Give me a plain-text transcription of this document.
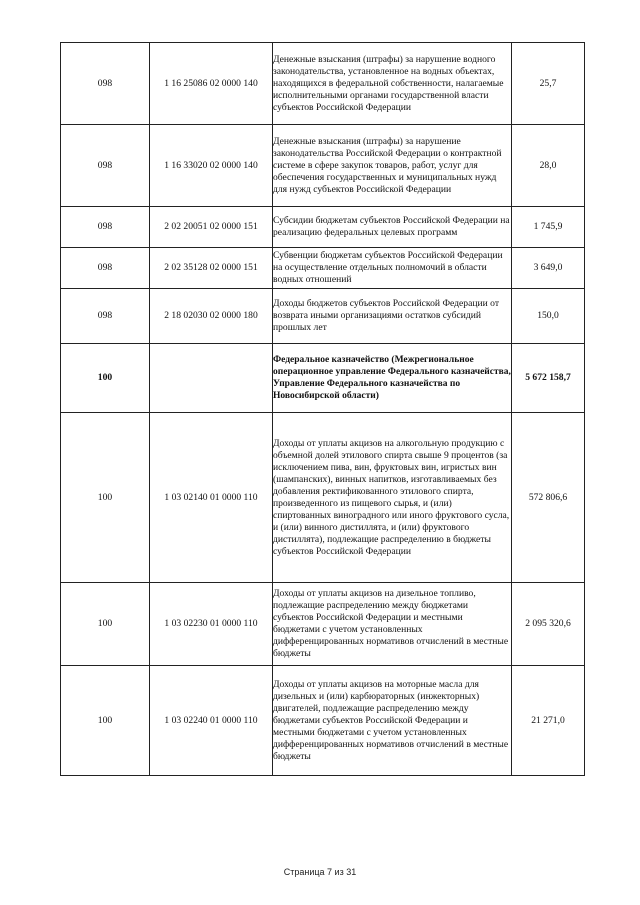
098	1 16 25086 02 0000 140	Денежные взыскания (штрафы) за нарушение водного законодательства, установленное на водных объектах, находящихся в федеральной собственности, налагаемые исполнительными органами государственной власти субъектов Российской Федерации	25,7
098	1 16 33020 02 0000 140	Денежные взыскания (штрафы) за нарушение законодательства Российской Федерации о контрактной системе в сфере закупок товаров, работ, услуг для обеспечения государственных и муниципальных нужд для нужд субъектов Российской Федерации	28,0
098	2 02 20051 02 0000 151	Субсидии бюджетам субъектов Российской Федерации на реализацию федеральных целевых программ	1 745,9
098	2 02 35128 02 0000 151	Субвенции бюджетам субъектов Российской Федерации на осуществление отдельных полномочий в области водных отношений	3 649,0
098	2 18 02030 02 0000 180	Доходы бюджетов субъектов Российской Федерации от возврата иными организациями остатков субсидий прошлых лет	150,0
100		Федеральное казначейство (Межрегиональное операционное управление Федерального казначейства, Управление Федерального казначейства по Новосибирской области)	5 672 158,7
100	1 03 02140 01 0000 110	Доходы от уплаты акцизов на алкогольную продукцию с объемной долей этилового спирта свыше 9 процентов (за исключением пива, вин, фруктовых вин, игристых вин (шампанских), винных напитков, изготавливаемых без добавления ректификованного этилового спирта, произведенного из пищевого сырья, и (или) спиртованных виноградного или иного фруктового сусла, и (или) винного дистиллята, и (или) фруктового дистиллята), подлежащие распределению в бюджеты субъектов Российской Федерации	572 806,6
100	1 03 02230 01 0000 110	Доходы от уплаты акцизов на дизельное топливо, подлежащие распределению между бюджетами субъектов Российской Федерации и местными бюджетами с учетом установленных дифференцированных нормативов отчислений в местные бюджеты	2 095 320,6
100	1 03 02240 01 0000 110	Доходы от уплаты акцизов на моторные масла для дизельных и (или) карбюраторных (инжекторных) двигателей, подлежащие распределению между бюджетами субъектов Российской Федерации и местными бюджетами с учетом установленных дифференцированных нормативов отчислений в местные бюджеты	21 271,0
Страница 7 из 31
